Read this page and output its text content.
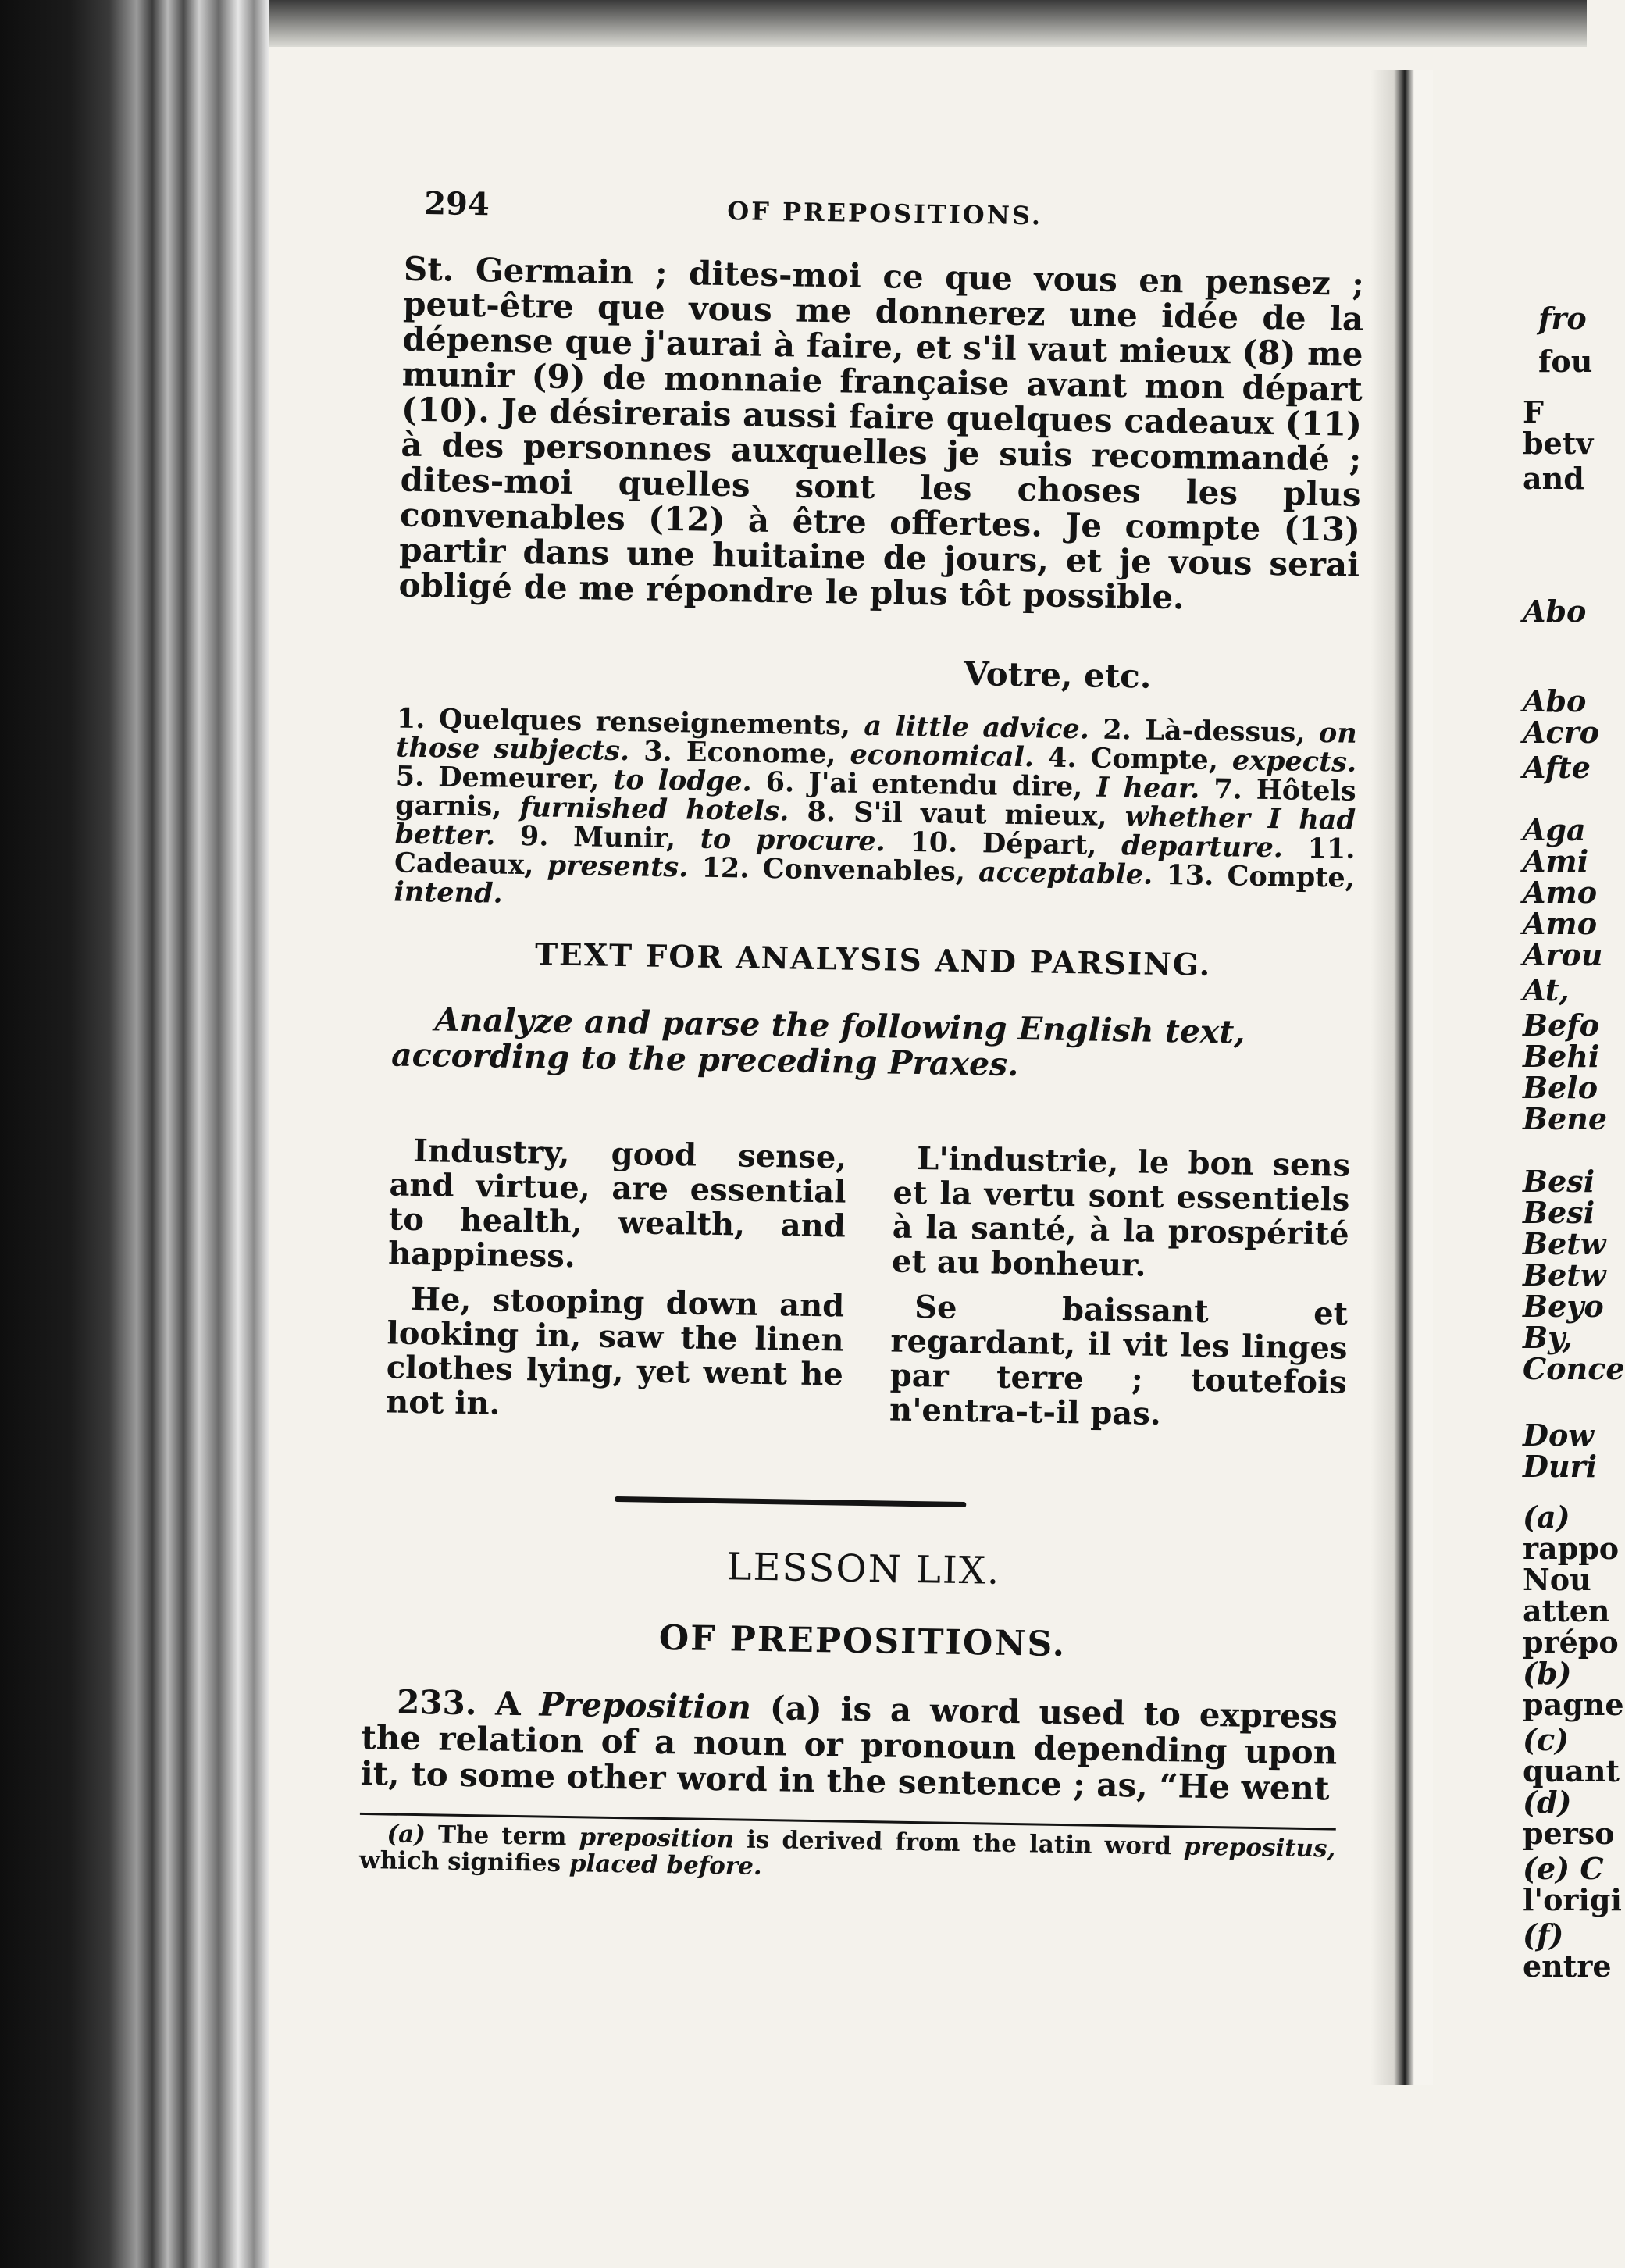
294	OF PREPOSITIONS.

St. Germain ; dites-moi ce que vous en pensez ; peut-être que vous me donnerez une idée de la dépense que j'aurai à faire, et s'il vaut mieux (8) me munir (9) de monnaie française avant mon départ (10). Je désirerais aussi faire quelques cadeaux (11) à des personnes auxquelles je suis recommandé ; dites-moi quelles sont les choses les plus convenables (12) à être offertes. Je compte (13) partir dans une huitaine de jours, et je vous serai obligé de me répondre le plus tôt possible.

Votre, etc.
1. Quelques renseignements, a little advice. 2. Là-dessus, on those subjects. 3. Econome, economical. 4. Compte, expects. 5. Demeurer, to lodge. 6. J'ai entendu dire, I hear. 7. Hôtels garnis, furnished hotels. 8. S'il vaut mieux, whether I had better. 9. Munir, to procure. 10. Départ, departure. 11. Cadeaux, presents. 12. Convenables, acceptable. 13. Compte, intend.
TEXT FOR ANALYSIS AND PARSING.

Analyze and parse the following English text, according to the preceding Praxes.

Industry, good sense, and virtue, are essential to health, wealth, and happiness.

He, stooping down and looking in, saw the linen clothes lying, yet went he not in.

L'industrie, le bon sens et la vertu sont essentiels à la santé, à la prospérité et au bonheur.

Se baissant et regardant, il vit les linges par terre ; toutefois n'entra-t-il pas.

LESSON LIX.
OF PREPOSITIONS.

233. A Preposition (a) is a word used to express the relation of a noun or pronoun depending upon it, to some other word in the sentence ; as, “He went

(a) The term preposition is derived from the latin word prepositus, which signifies placed before.

fro
fou
F
betv
and
Abo
Abo
Acro
Afte
Aga
Ami
Amo
Amo
Arou
At,
Befo
Behi
Belo
Bene
Besi
Besi
Betw
Betw
Beyo
By,
Conce
Dow
Duri
(a)
rappo
Nou
atten
prépo
(b)
pagne
(c)
quant
(d)
perso
(e) C
l'origi
(f)
entre
